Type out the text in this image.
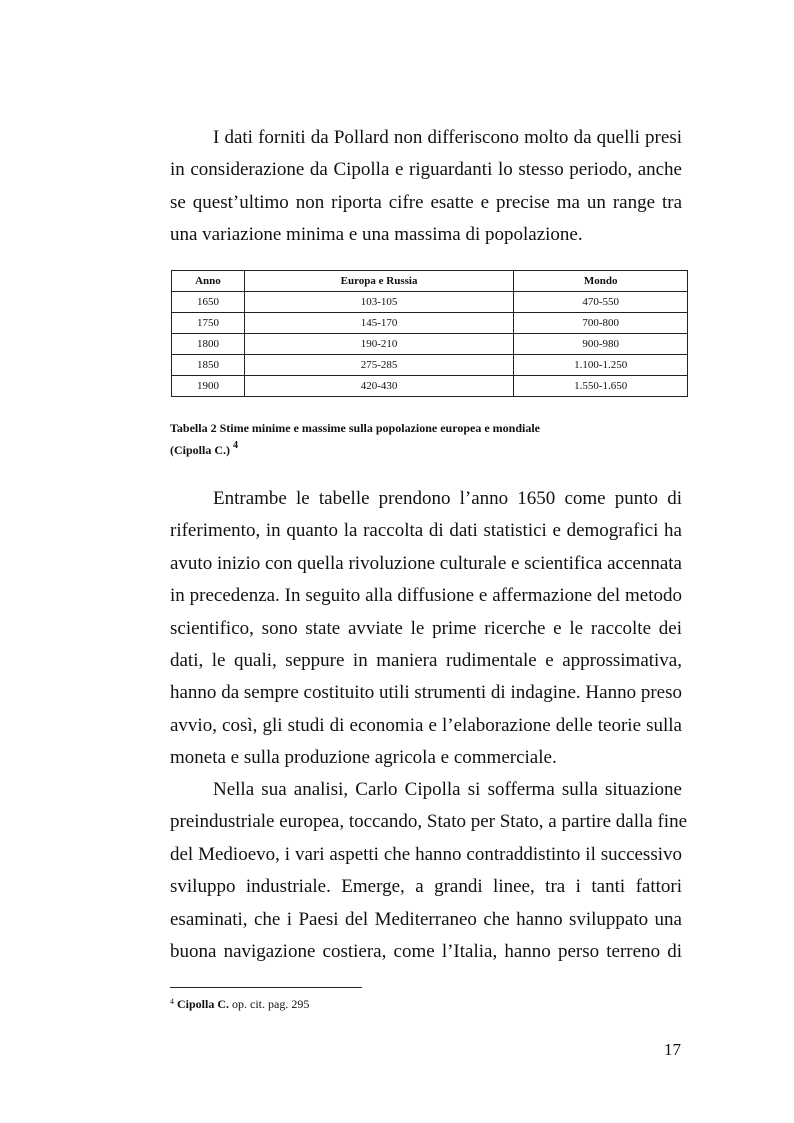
I dati forniti da Pollard non differiscono molto da quelli presi
in considerazione da Cipolla e riguardanti lo stesso periodo, anche
se quest’ultimo non riporta cifre esatte e precise ma un range tra
una variazione minima e una massima di popolazione.
Anno	Europa e Russia	Mondo
1650	103-105	470-550
1750	145-170	700-800
1800	190-210	900-980
1850	275-285	1.100-1.250
1900	420-430	1.550-1.650
Tabella 2 Stime minime e massime sulla popolazione europea e mondiale
(Cipolla C.) $^4$
Entrambe le tabelle prendono l’anno 1650 come punto di
riferimento, in quanto la raccolta di dati statistici e demografici ha
avuto inizio con quella rivoluzione culturale e scientifica accennata
in precedenza. In seguito alla diffusione e affermazione del metodo
scientifico, sono state avviate le prime ricerche e le raccolte dei
dati, le quali, seppure in maniera rudimentale e approssimativa,
hanno da sempre costituito utili strumenti di indagine. Hanno preso
avvio, così, gli studi di economia e l’elaborazione delle teorie sulla
moneta e sulla produzione agricola e commerciale.
Nella sua analisi, Carlo Cipolla si sofferma sulla situazione
preindustriale europea, toccando, Stato per Stato, a partire dalla fine
del Medioevo, i vari aspetti che hanno contraddistinto il successivo
sviluppo industriale. Emerge, a grandi linee, tra i tanti fattori
esaminati, che i Paesi del Mediterraneo che hanno sviluppato una
buona navigazione costiera, come l’Italia, hanno perso terreno di
$^4$ Cipolla C. op. cit. pag. 295
17
